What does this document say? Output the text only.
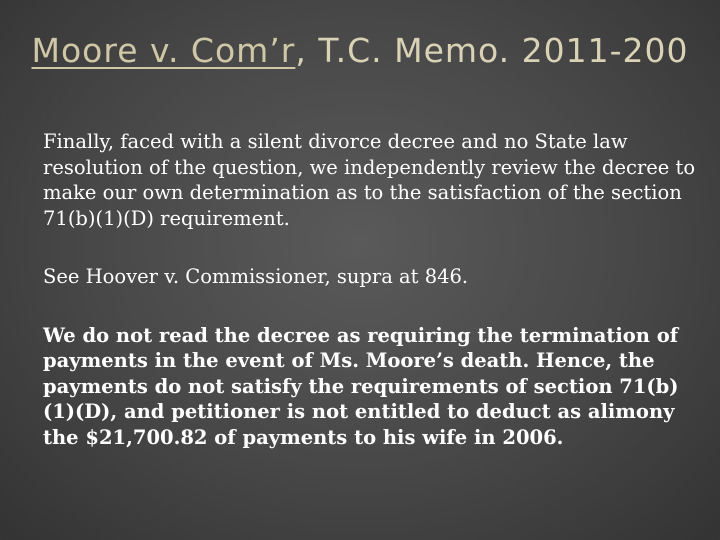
Moore v. Com’r, T.C. Memo. 2011-200

Finally, faced with a silent divorce decree and no State law resolution of the question, we independently review the decree to make our own determination as to the satisfaction of the section 71(b)(1)(D) requirement.

See Hoover v. Commissioner, supra at 846.

We do not read the decree as requiring the termination of payments in the event of Ms. Moore’s death. Hence, the payments do not satisfy the requirements of section 71(b)(1)(D), and petitioner is not entitled to deduct as alimony the $21,700.82 of payments to his wife in 2006.
